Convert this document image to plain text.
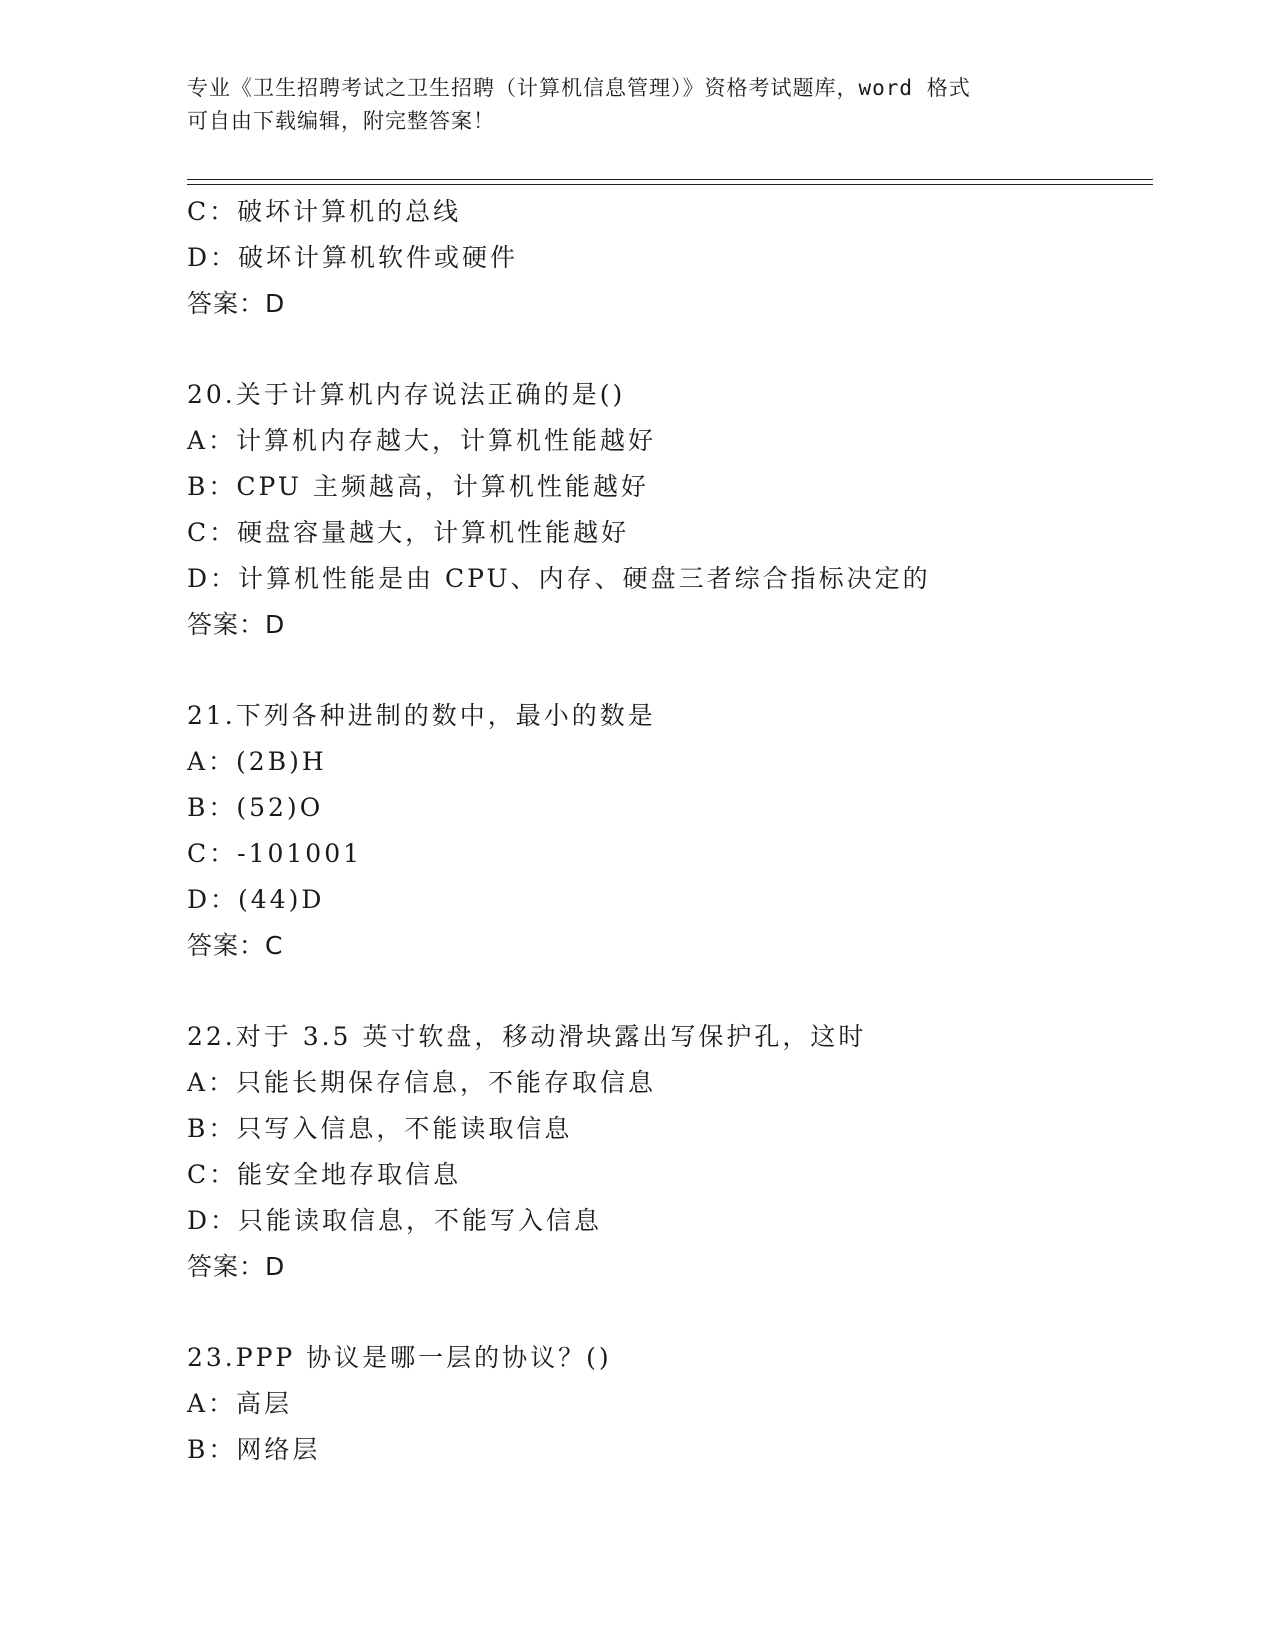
专业《卫生招聘考试之卫生招聘（计算机信息管理）》资格考试题库，word 格式
可自由下载编辑，附完整答案！
C：破坏计算机的总线
D：破坏计算机软件或硬件
答案：D
20.关于计算机内存说法正确的是()
A：计算机内存越大，计算机性能越好
B：CPU 主频越高，计算机性能越好
C：硬盘容量越大，计算机性能越好
D：计算机性能是由 CPU、内存、硬盘三者综合指标决定的
答案：D
21.下列各种进制的数中，最小的数是
A：(2B)H
B：(52)O
C：-101001
D：(44)D
答案：C
22.对于 3.5 英寸软盘，移动滑块露出写保护孔，这时
A：只能长期保存信息，不能存取信息
B：只写入信息，不能读取信息
C：能安全地存取信息
D：只能读取信息，不能写入信息
答案：D
23.PPP 协议是哪一层的协议？()
A：高层
B：网络层
